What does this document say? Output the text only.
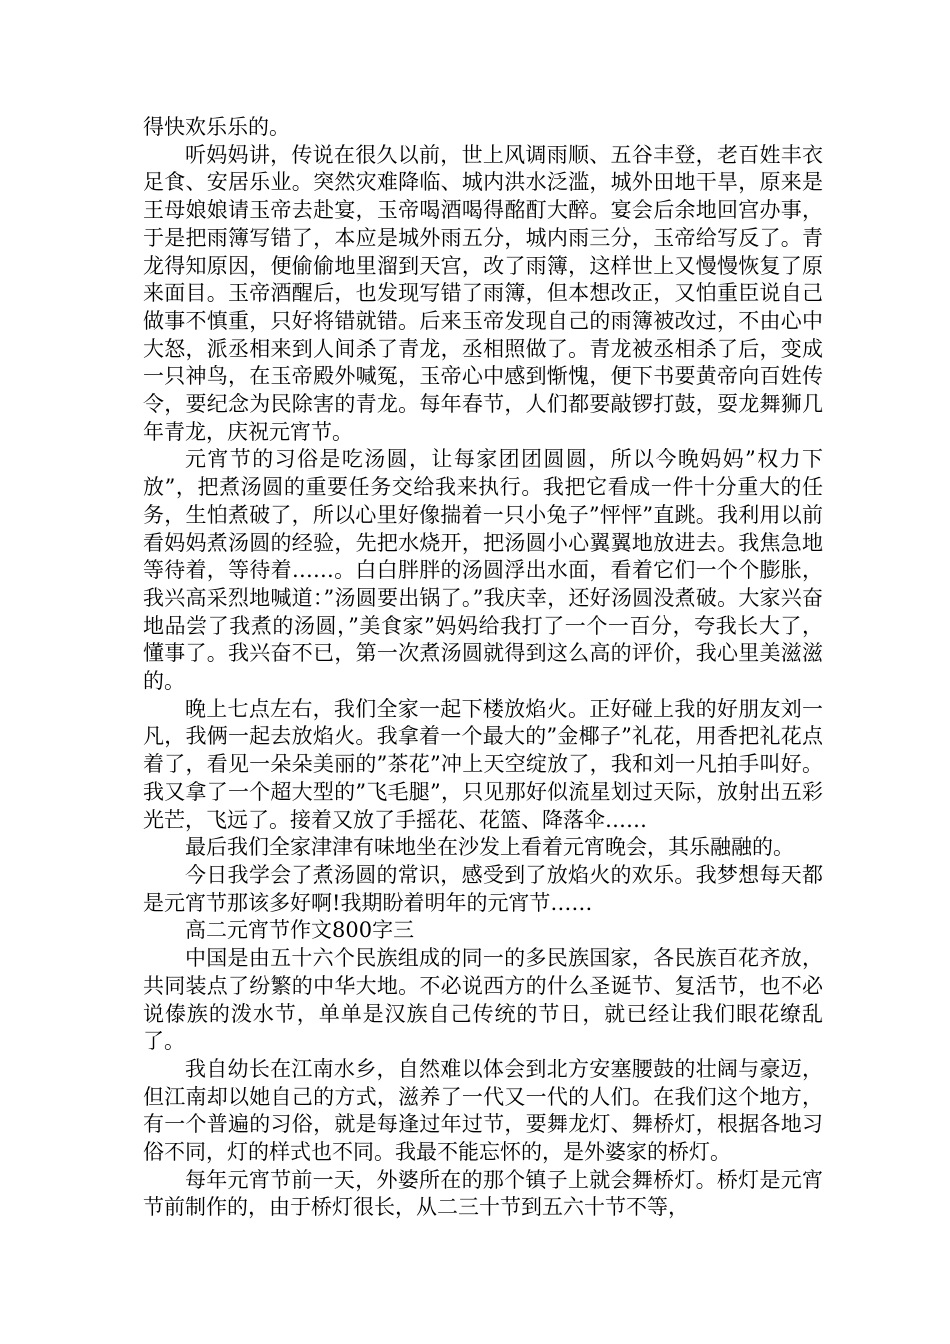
得快欢乐乐的。

听妈妈讲，传说在很久以前，世上风调雨顺、五谷丰登，老百姓丰衣足食、安居乐业。突然灾难降临、城内洪水泛滥，城外田地干旱，原来是王母娘娘请玉帝去赴宴，玉帝喝酒喝得酩酊大醉。宴会后余地回宫办事，于是把雨簿写错了，本应是城外雨五分，城内雨三分，玉帝给写反了。青龙得知原因，便偷偷地里溜到天宫，改了雨簿，这样世上又慢慢恢复了原来面目。玉帝酒醒后，也发现写错了雨簿，但本想改正，又怕重臣说自己做事不慎重，只好将错就错。后来玉帝发现自己的雨簿被改过，不由心中大怒，派丞相来到人间杀了青龙，丞相照做了。青龙被丞相杀了后，变成一只神鸟，在玉帝殿外喊冤，玉帝心中感到惭愧，便下书要黄帝向百姓传令，要纪念为民除害的青龙。每年春节，人们都要敲锣打鼓，耍龙舞狮几年青龙，庆祝元宵节。

元宵节的习俗是吃汤圆，让每家团团圆圆，所以今晚妈妈”权力下放”，把煮汤圆的重要任务交给我来执行。我把它看成一件十分重大的任务，生怕煮破了，所以心里好像揣着一只小兔子”怦怦”直跳。我利用以前看妈妈煮汤圆的经验，先把水烧开，把汤圆小心翼翼地放进去。我焦急地等待着，等待着……。白白胖胖的汤圆浮出水面，看着它们一个个膨胀，我兴高采烈地喊道：”汤圆要出锅了。”我庆幸，还好汤圆没煮破。大家兴奋地品尝了我煮的汤圆，”美食家”妈妈给我打了一个一百分，夸我长大了，懂事了。我兴奋不已，第一次煮汤圆就得到这么高的评价，我心里美滋滋的。

晚上七点左右，我们全家一起下楼放焰火。正好碰上我的好朋友刘一凡，我俩一起去放焰火。我拿着一个最大的”金椰子”礼花，用香把礼花点着了，看见一朵朵美丽的”茶花”冲上天空绽放了，我和刘一凡拍手叫好。我又拿了一个超大型的”飞毛腿”，只见那好似流星划过天际，放射出五彩光芒，飞远了。接着又放了手摇花、花篮、降落伞……

最后我们全家津津有味地坐在沙发上看着元宵晚会，其乐融融的。

今日我学会了煮汤圆的常识，感受到了放焰火的欢乐。我梦想每天都是元宵节那该多好啊!我期盼着明年的元宵节……

高二元宵节作文800字三

中国是由五十六个民族组成的同一的多民族国家，各民族百花齐放，共同装点了纷繁的中华大地。不必说西方的什么圣诞节、复活节，也不必说傣族的泼水节，单单是汉族自己传统的节日，就已经让我们眼花缭乱了。

我自幼长在江南水乡，自然难以体会到北方安塞腰鼓的壮阔与豪迈，但江南却以她自己的方式，滋养了一代又一代的人们。在我们这个地方，有一个普遍的习俗，就是每逢过年过节，要舞龙灯、舞桥灯，根据各地习俗不同，灯的样式也不同。我最不能忘怀的，是外婆家的桥灯。

每年元宵节前一天，外婆所在的那个镇子上就会舞桥灯。桥灯是元宵节前制作的，由于桥灯很长，从二三十节到五六十节不等，
